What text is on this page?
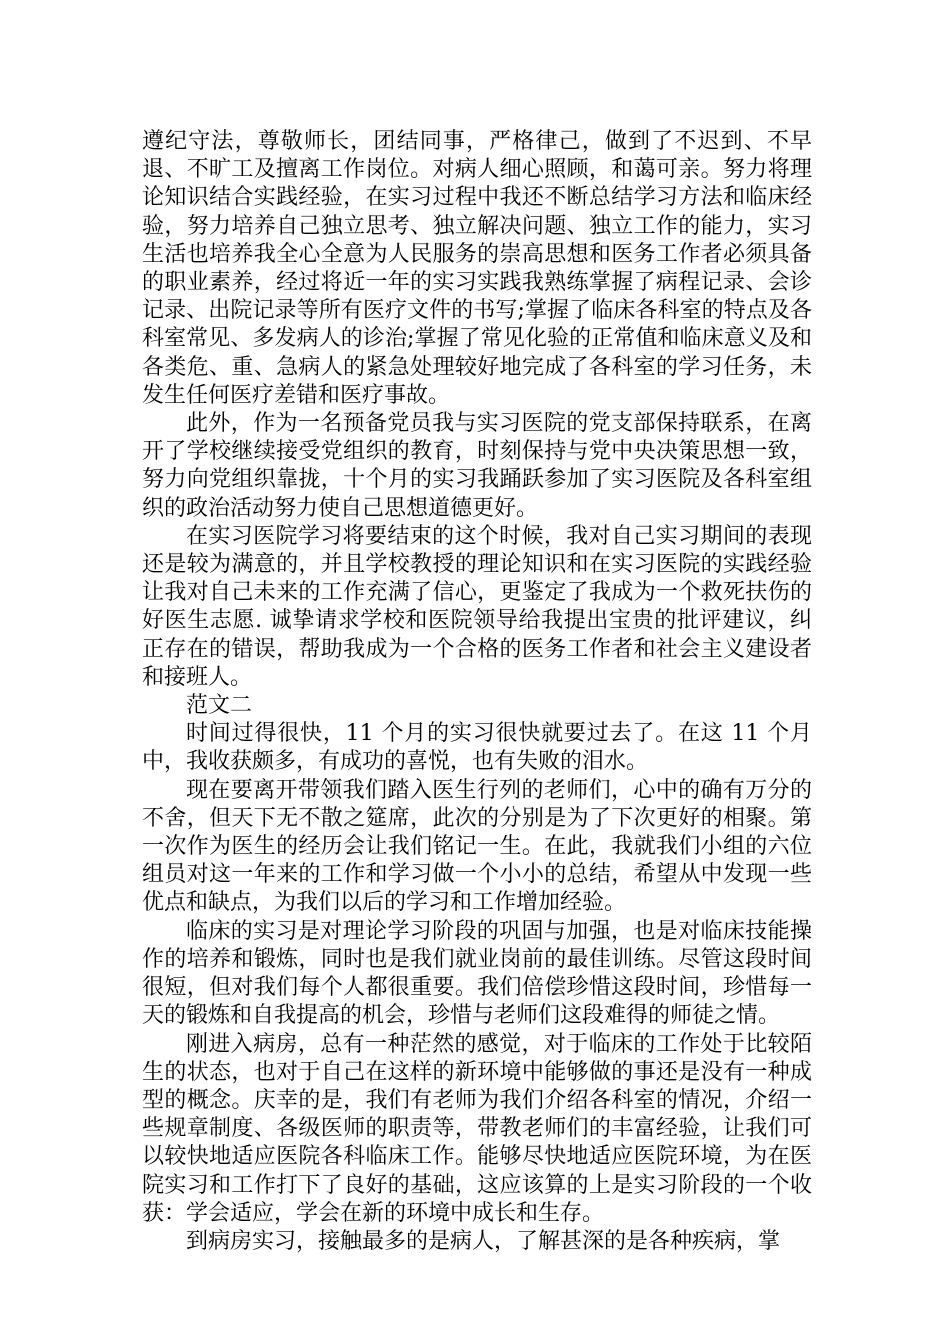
遵纪守法，尊敬师长，团结同事，严格律己，做到了不迟到、不早退、不旷工及擅离工作岗位。对病人细心照顾，和蔼可亲。努力将理论知识结合实践经验，在实习过程中我还不断总结学习方法和临床经验，努力培养自己独立思考、独立解决问题、独立工作的能力，实习生活也培养我全心全意为人民服务的崇高思想和医务工作者必须具备的职业素养，经过将近一年的实习实践我熟练掌握了病程记录、会诊记录、出院记录等所有医疗文件的书写;掌握了临床各科室的特点及各科室常见、多发病人的诊治;掌握了常见化验的正常值和临床意义及和各类危、重、急病人的紧急处理较好地完成了各科室的学习任务，未发生任何医疗差错和医疗事故。

此外，作为一名预备党员我与实习医院的党支部保持联系，在离开了学校继续接受党组织的教育，时刻保持与党中央决策思想一致，努力向党组织靠拢，十个月的实习我踊跃参加了实习医院及各科室组织的政治活动努力使自己思想道德更好。

在实习医院学习将要结束的这个时候，我对自己实习期间的表现还是较为满意的，并且学校教授的理论知识和在实习医院的实践经验让我对自己未来的工作充满了信心，更鉴定了我成为一个救死扶伤的好医生志愿. 诚挚请求学校和医院领导给我提出宝贵的批评建议，纠正存在的错误，帮助我成为一个合格的医务工作者和社会主义建设者和接班人。

范文二

时间过得很快，11 个月的实习很快就要过去了。在这 11 个月中，我收获颇多，有成功的喜悦，也有失败的泪水。

现在要离开带领我们踏入医生行列的老师们，心中的确有万分的不舍，但天下无不散之筵席，此次的分别是为了下次更好的相聚。第一次作为医生的经历会让我们铭记一生。在此，我就我们小组的六位组员对这一年来的工作和学习做一个小小的总结，希望从中发现一些优点和缺点，为我们以后的学习和工作增加经验。

临床的实习是对理论学习阶段的巩固与加强，也是对临床技能操作的培养和锻炼，同时也是我们就业岗前的最佳训练。尽管这段时间很短，但对我们每个人都很重要。我们倍偿珍惜这段时间，珍惜每一天的锻炼和自我提高的机会，珍惜与老师们这段难得的师徒之情。

刚进入病房，总有一种茫然的感觉，对于临床的工作处于比较陌生的状态，也对于自己在这样的新环境中能够做的事还是没有一种成型的概念。庆幸的是，我们有老师为我们介绍各科室的情况，介绍一些规章制度、各级医师的职责等，带教老师们的丰富经验，让我们可以较快地适应医院各科临床工作。能够尽快地适应医院环境，为在医院实习和工作打下了良好的基础，这应该算的上是实习阶段的一个收获：学会适应，学会在新的环境中成长和生存。

到病房实习，接触最多的是病人，了解甚深的是各种疾病，掌
